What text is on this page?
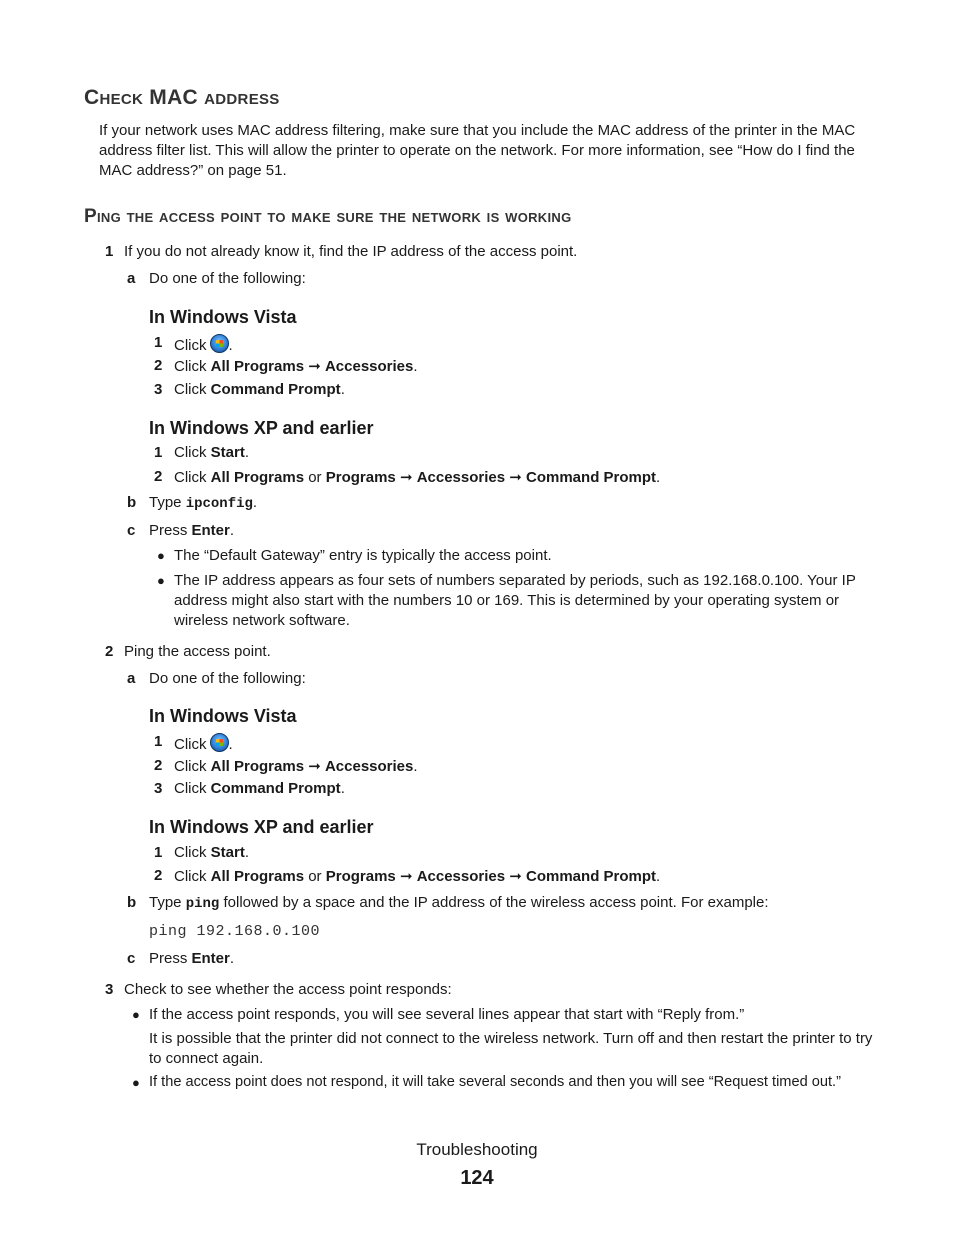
Check MAC address
If your network uses MAC address filtering, make sure that you include the MAC address of the printer in the MAC address filter list. This will allow the printer to operate on the network. For more information, see “How do I find the MAC address?” on page 51.
Ping the access point to make sure the network is working
1 If you do not already know it, find the IP address of the access point.
a Do one of the following:
In Windows Vista
1 Click .
2 Click All Programs ➞ Accessories.
3 Click Command Prompt.
In Windows XP and earlier
1 Click Start.
2 Click All Programs or Programs ➞ Accessories ➞ Command Prompt.
b Type ipconfig.
c Press Enter.
● The “Default Gateway” entry is typically the access point.
● The IP address appears as four sets of numbers separated by periods, such as 192.168.0.100. Your IP address might also start with the numbers 10 or 169. This is determined by your operating system or wireless network software.
2 Ping the access point.
a Do one of the following:
In Windows Vista
1 Click .
2 Click All Programs ➞ Accessories.
3 Click Command Prompt.
In Windows XP and earlier
1 Click Start.
2 Click All Programs or Programs ➞ Accessories ➞ Command Prompt.
b Type ping followed by a space and the IP address of the wireless access point. For example:
ping 192.168.0.100
c Press Enter.
3 Check to see whether the access point responds:
● If the access point responds, you will see several lines appear that start with “Reply from.”
It is possible that the printer did not connect to the wireless network. Turn off and then restart the printer to try to connect again.
● If the access point does not respond, it will take several seconds and then you will see “Request timed out.”
Troubleshooting
124
